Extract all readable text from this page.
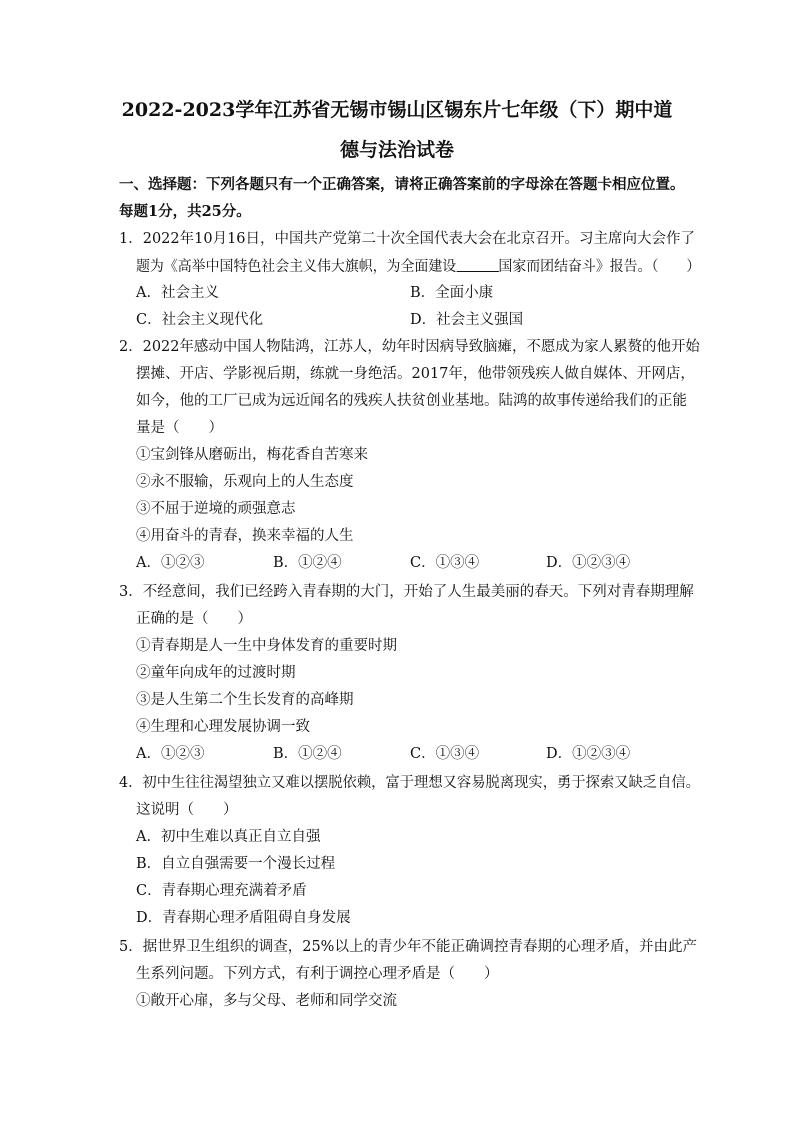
2022-2023学年江苏省无锡市锡山区锡东片七年级（下）期中道
德与法治试卷
一、选择题：下列各题只有一个正确答案，请将正确答案前的字母涂在答题卡相应位置。
每题1分，共25分。
1．2022年10月16日，中国共产党第二十次全国代表大会在北京召开。习主席向大会作了
题为《高举中国特色社会主义伟大旗帜，为全面建设	国家而团结奋斗》报告。（　　）
A．社会主义	B．全面小康
C．社会主义现代化	D．社会主义强国
2．2022年感动中国人物陆鸿，江苏人，幼年时因病导致脑瘫，不愿成为家人累赘的他开始
摆摊、开店、学影视后期，练就一身绝活。2017年，他带领残疾人做自媒体、开网店，
如今，他的工厂已成为远近闻名的残疾人扶贫创业基地。陆鸿的故事传递给我们的正能
量是（　　）
①宝剑锋从磨砺出，梅花香自苦寒来
②永不服输，乐观向上的人生态度
③不屈于逆境的顽强意志
④用奋斗的青春，换来幸福的人生
A．①②③	B．①②④	C．①③④	D．①②③④
3．不经意间，我们已经跨入青春期的大门，开始了人生最美丽的春天。下列对青春期理解
正确的是（　　）
①青春期是人一生中身体发育的重要时期
②童年向成年的过渡时期
③是人生第二个生长发育的高峰期
④生理和心理发展协调一致
A．①②③	B．①②④	C．①③④	D．①②③④
4．初中生往往渴望独立又难以摆脱依赖，富于理想又容易脱离现实，勇于探索又缺乏自信。
这说明（　　）
A．初中生难以真正自立自强
B．自立自强需要一个漫长过程
C．青春期心理充满着矛盾
D．青春期心理矛盾阻碍自身发展
5．据世界卫生组织的调查，25%以上的青少年不能正确调控青春期的心理矛盾，并由此产
生系列问题。下列方式，有利于调控心理矛盾是（　　）
①敞开心扉，多与父母、老师和同学交流
